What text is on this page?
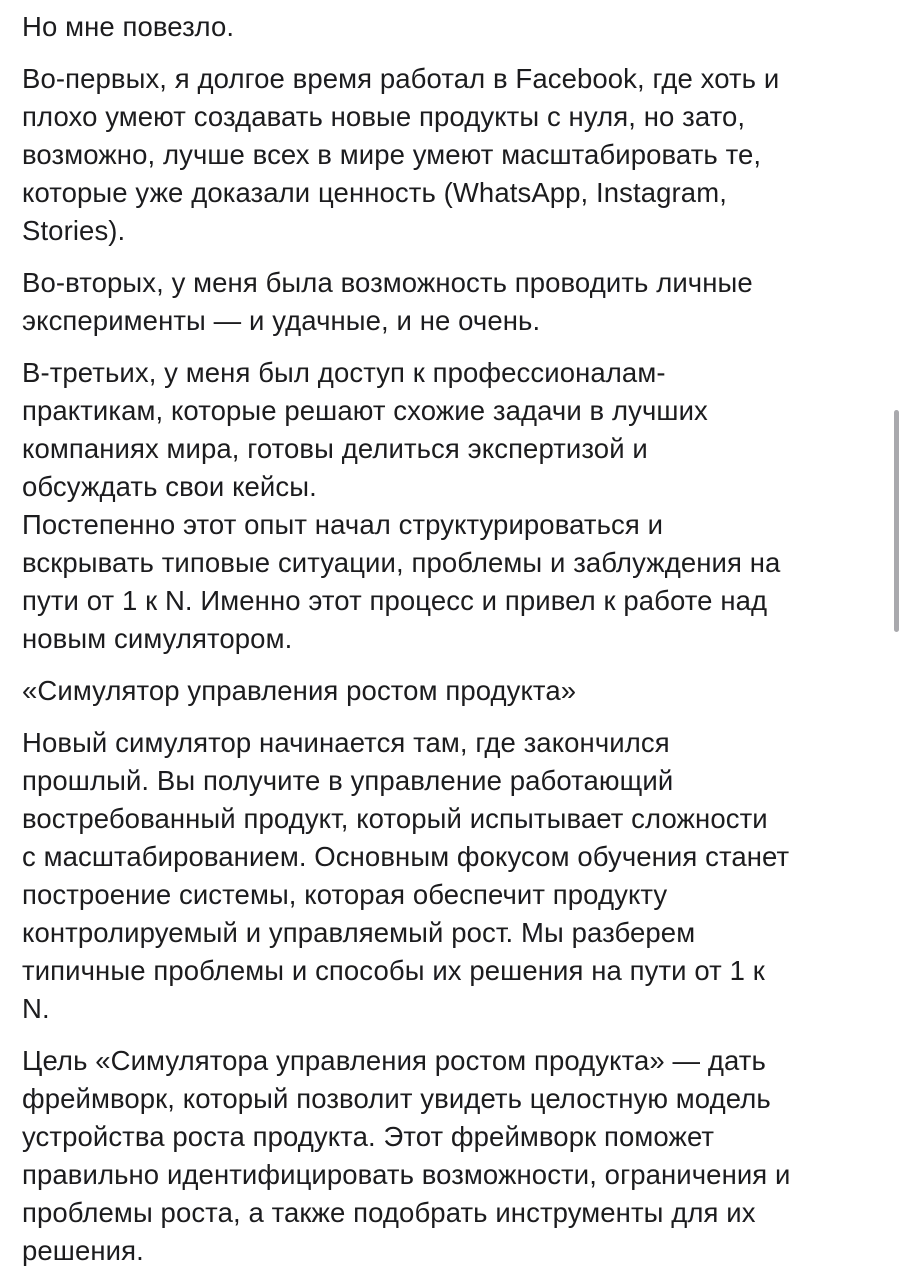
Но мне повезло.

Во-первых, я долгое время работал в Facebook, где хоть и
плохо умеют создавать новые продукты с нуля, но зато,
возможно, лучше всех в мире умеют масштабировать те,
которые уже доказали ценность (WhatsApp, Instagram,
Stories).

Во-вторых, у меня была возможность проводить личные
эксперименты — и удачные, и не очень.

В-третьих, у меня был доступ к профессионалам-
практикам, которые решают схожие задачи в лучших
компаниях мира, готовы делиться экспертизой и
обсуждать свои кейсы.
Постепенно этот опыт начал структурироваться и
вскрывать типовые ситуации, проблемы и заблуждения на
пути от 1 к N. Именно этот процесс и привел к работе над
новым симулятором.

«Симулятор управления ростом продукта»

Новый симулятор начинается там, где закончился
прошлый. Вы получите в управление работающий
востребованный продукт, который испытывает сложности
с масштабированием. Основным фокусом обучения станет
построение системы, которая обеспечит продукту
контролируемый и управляемый рост. Мы разберем
типичные проблемы и способы их решения на пути от 1 к
N.

Цель «Симулятора управления ростом продукта» — дать
фреймворк, который позволит увидеть целостную модель
устройства роста продукта. Этот фреймворк поможет
правильно идентифицировать возможности, ограничения и
проблемы роста, а также подобрать инструменты для их
решения.
